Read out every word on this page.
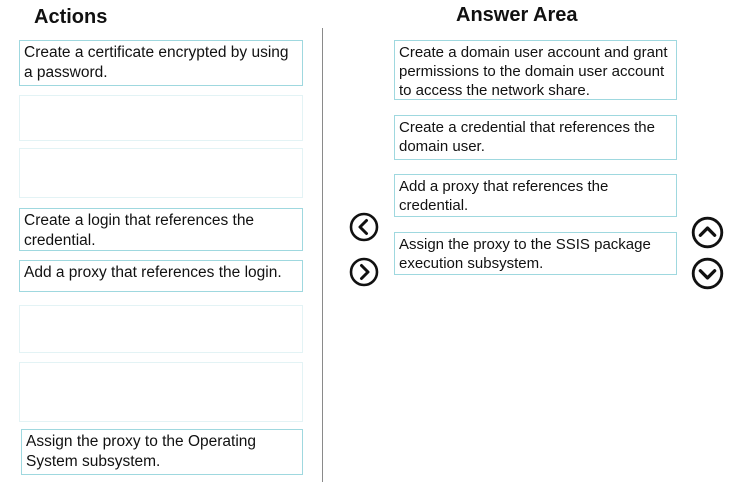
Actions	Answer Area
Create a certificate encrypted by using a password.
Create a login that references the credential.
Add a proxy that references the login.
Assign the proxy to the Operating System subsystem.
Create a domain user account and grant permissions to the domain user account to access the network share.
Create a credential that references the domain user.
Add a proxy that references the credential.
Assign the proxy to the SSIS package execution subsystem.
